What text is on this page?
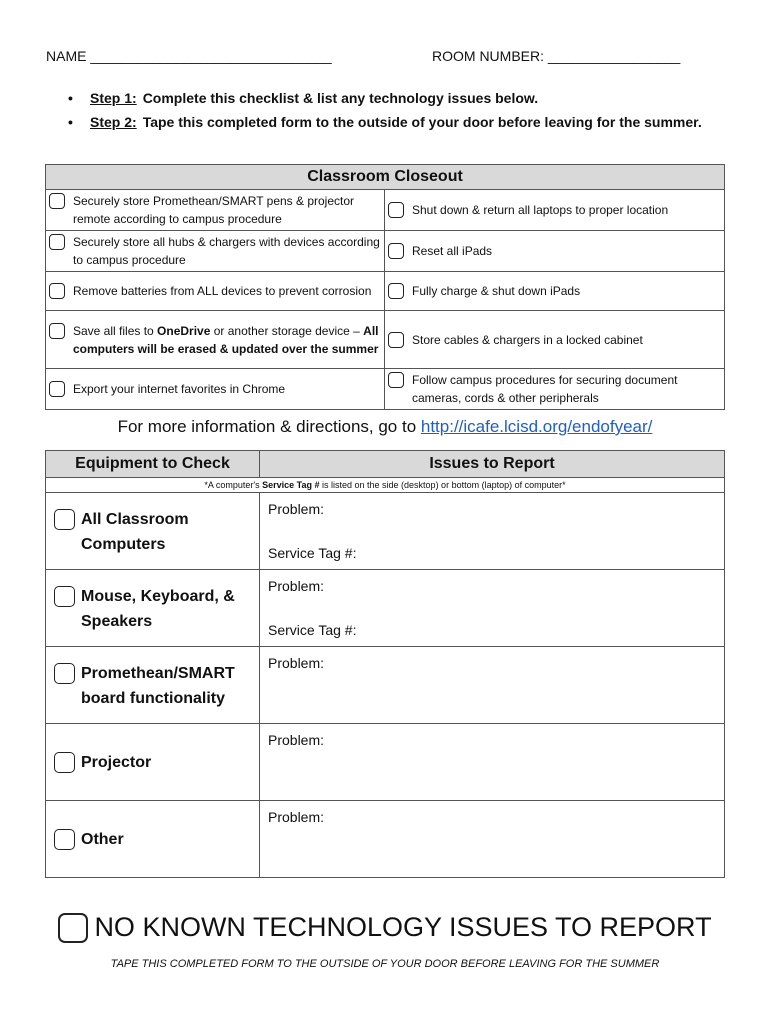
NAME _______________________________	ROOM NUMBER: _________________
• Step 1: Complete this checklist & list any technology issues below.
• Step 2: Tape this completed form to the outside of your door before leaving for the summer.
Classroom Closeout	

Securely store Promethean/SMART pens & projector remote according to campus procedure	Shut down & return all laptops to proper location

Securely store all hubs & chargers with devices according to campus procedure	Reset all iPads

Remove batteries from ALL devices to prevent corrosion	Fully charge & shut down iPads

Save all files to OneDrive or another storage device – All computers will be erased & updated over the summer	Store cables & chargers in a locked cabinet

Export your internet favorites in Chrome	Follow campus procedures for securing document cameras, cords & other peripherals
For more information & directions, go to http://icafe.lcisd.org/endofyear/
Equipment to Check	Issues to Report
*A computer's Service Tag # is listed on the side (desktop) or bottom (laptop) of computer*	

All Classroom Computers	Problem:
Service Tag #:

Mouse, Keyboard, & Speakers	Problem:
Service Tag #:

Promethean/SMART board functionality	Problem:

Projector	Problem:

Other	Problem:
NO KNOWN TECHNOLOGY ISSUES TO REPORT
TAPE THIS COMPLETED FORM TO THE OUTSIDE OF YOUR DOOR BEFORE LEAVING FOR THE SUMMER
